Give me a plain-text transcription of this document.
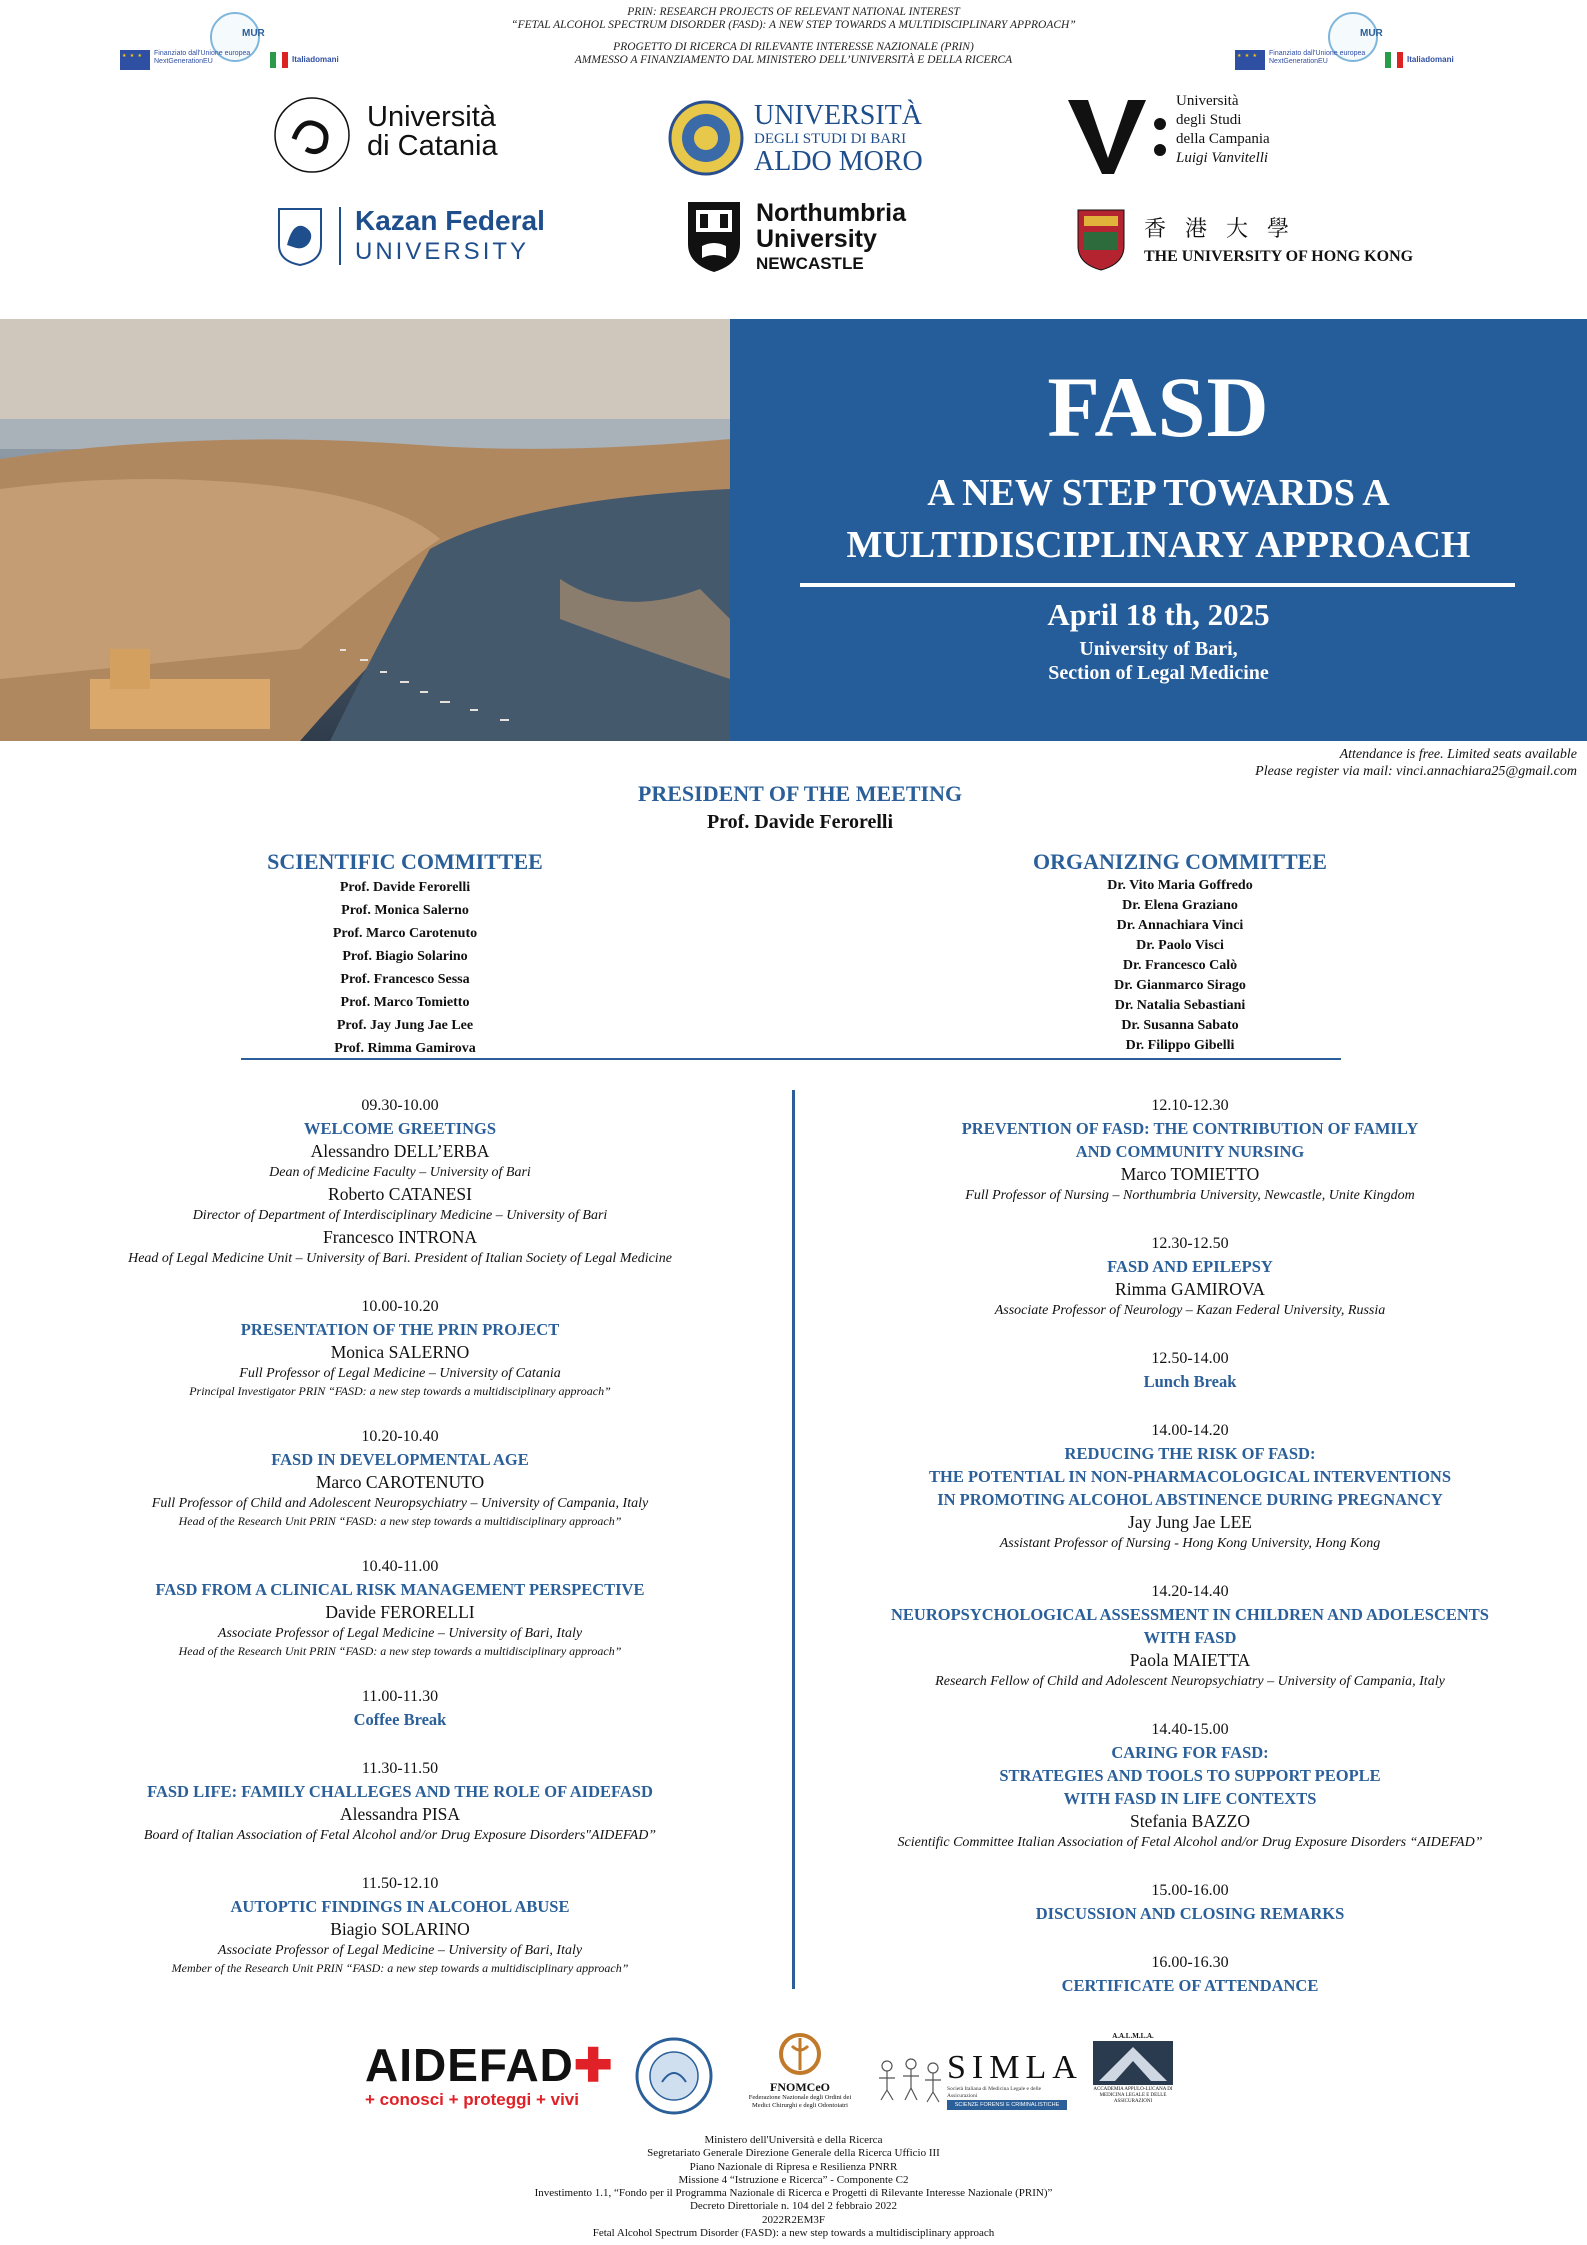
PRIN: RESEARCH PROJECTS OF RELEVANT NATIONAL INTEREST
“FETAL ALCOHOL SPECTRUM DISORDER (FASD): A NEW STEP TOWARDS A MULTIDISCIPLINARY APPROACH”
PROGETTO DI RICERCA DI RILEVANTE INTERESSE NAZIONALE (PRIN)
AMMESSO A FINANZIAMENTO DAL MINISTERO DELL’UNIVERSITÀ E DELLA RICERCA
MUR
★ ★ ★
Finanziato dall'Unione europea
NextGenerationEU	Italiadomani
MUR
★ ★ ★
Finanziato dall'Unione europea
NextGenerationEU	Italiadomani
Università
di Catania
UNIVERSITÀ
DEGLI STUDI DI BARI
ALDO MORO
Università
degli Studi
della Campania
Luigi Vanvitelli
Kazan Federal
UNIVERSITY
Northumbria
University
NEWCASTLE
香 港 大 學
THE UNIVERSITY OF HONG KONG
FASD
A NEW STEP TOWARDS A
MULTIDISCIPLINARY APPROACH
April 18 th, 2025
University of Bari,
Section of Legal Medicine
Attendance is free. Limited seats available
Please register via mail: vinci.annachiara25@gmail.com
PRESIDENT OF THE MEETING
Prof. Davide Ferorelli
SCIENTIFIC COMMITTEE
Prof. Davide Ferorelli
Prof. Monica Salerno
Prof. Marco Carotenuto
Prof. Biagio Solarino
Prof. Francesco Sessa
Prof. Marco Tomietto
Prof. Jay Jung Jae Lee
Prof. Rimma Gamirova
ORGANIZING COMMITTEE
Dr. Vito Maria Goffredo
Dr. Elena Graziano
Dr. Annachiara Vinci
Dr. Paolo Visci
Dr. Francesco Calò
Dr. Gianmarco Sirago
Dr. Natalia Sebastiani
Dr. Susanna Sabato
Dr. Filippo Gibelli
09.30-10.00
WELCOME GREETINGS
Alessandro DELL’ERBA
Dean of Medicine Faculty – University of Bari
Roberto CATANESI
Director of Department of Interdisciplinary Medicine – University of Bari
Francesco INTRONA
Head of Legal Medicine Unit – University of Bari. President of Italian Society of Legal Medicine
10.00-10.20
PRESENTATION OF THE PRIN PROJECT
Monica SALERNO
Full Professor of Legal Medicine – University of Catania
Principal Investigator PRIN “FASD: a new step towards a multidisciplinary approach”
10.20-10.40
FASD IN DEVELOPMENTAL AGE
Marco CAROTENUTO
Full Professor of Child and Adolescent Neuropsychiatry – University of Campania, Italy
Head of the Research Unit PRIN “FASD: a new step towards a multidisciplinary approach”
10.40-11.00
FASD FROM A CLINICAL RISK MANAGEMENT PERSPECTIVE
Davide FERORELLI
Associate Professor of Legal Medicine – University of Bari, Italy
Head of the Research Unit PRIN “FASD: a new step towards a multidisciplinary approach”
11.00-11.30
Coffee Break
11.30-11.50
FASD LIFE: FAMILY CHALLEGES AND THE ROLE OF AIDEFASD
Alessandra PISA
Board of Italian Association of Fetal Alcohol and/or Drug Exposure Disorders"AIDEFAD”
11.50-12.10
AUTOPTIC FINDINGS IN ALCOHOL ABUSE
Biagio SOLARINO
Associate Professor of Legal Medicine – University of Bari, Italy
Member of the Research Unit PRIN “FASD: a new step towards a multidisciplinary approach”
12.10-12.30
PREVENTION OF FASD: THE CONTRIBUTION OF FAMILY
AND COMMUNITY NURSING
Marco TOMIETTO
Full Professor of Nursing – Northumbria University, Newcastle, Unite Kingdom
12.30-12.50
FASD AND EPILEPSY
Rimma GAMIROVA
Associate Professor of Neurology – Kazan Federal University, Russia
12.50-14.00
Lunch Break
14.00-14.20
REDUCING THE RISK OF FASD:
THE POTENTIAL IN NON-PHARMACOLOGICAL INTERVENTIONS
IN PROMOTING ALCOHOL ABSTINENCE DURING PREGNANCY
Jay Jung Jae LEE
Assistant Professor of Nursing - Hong Kong University, Hong Kong
14.20-14.40
NEUROPSYCHOLOGICAL ASSESSMENT IN CHILDREN AND ADOLESCENTS
WITH FASD
Paola MAIETTA
Research Fellow of Child and Adolescent Neuropsychiatry – University of Campania, Italy
14.40-15.00
CARING FOR FASD:
STRATEGIES AND TOOLS TO SUPPORT PEOPLE
WITH FASD IN LIFE CONTEXTS
Stefania BAZZO
Scientific Committee Italian Association of Fetal Alcohol and/or Drug Exposure Disorders “AIDEFAD”
15.00-16.00
DISCUSSION AND CLOSING REMARKS
16.00-16.30
CERTIFICATE OF ATTENDANCE
AIDEFAD✚
+ conosci + proteggi + vivi
FNOMCeO
Federazione Nazionale degli Ordini dei Medici Chirurghi e degli Odontoiatri
SIMLA
Società Italiana di Medicina Legale e delle Assicurazioni
SCIENZE FORENSI E CRIMINALISTICHE
A.A.L.M.L.A.
ACCADEMIA APPULO-LUCANA DI MEDICINA LEGALE E DELLE ASSICURAZIONI
Ministero dell'Università e della Ricerca
Segretariato Generale Direzione Generale della Ricerca Ufficio III
Piano Nazionale di Ripresa e Resilienza PNRR
Missione 4 “Istruzione e Ricerca” - Componente C2
Investimento 1.1, “Fondo per il Programma Nazionale di Ricerca e Progetti di Rilevante Interesse Nazionale (PRIN)”
Decreto Direttoriale n. 104 del 2 febbraio 2022
2022R2EM3F
Fetal Alcohol Spectrum Disorder (FASD): a new step towards a multidisciplinary approach
